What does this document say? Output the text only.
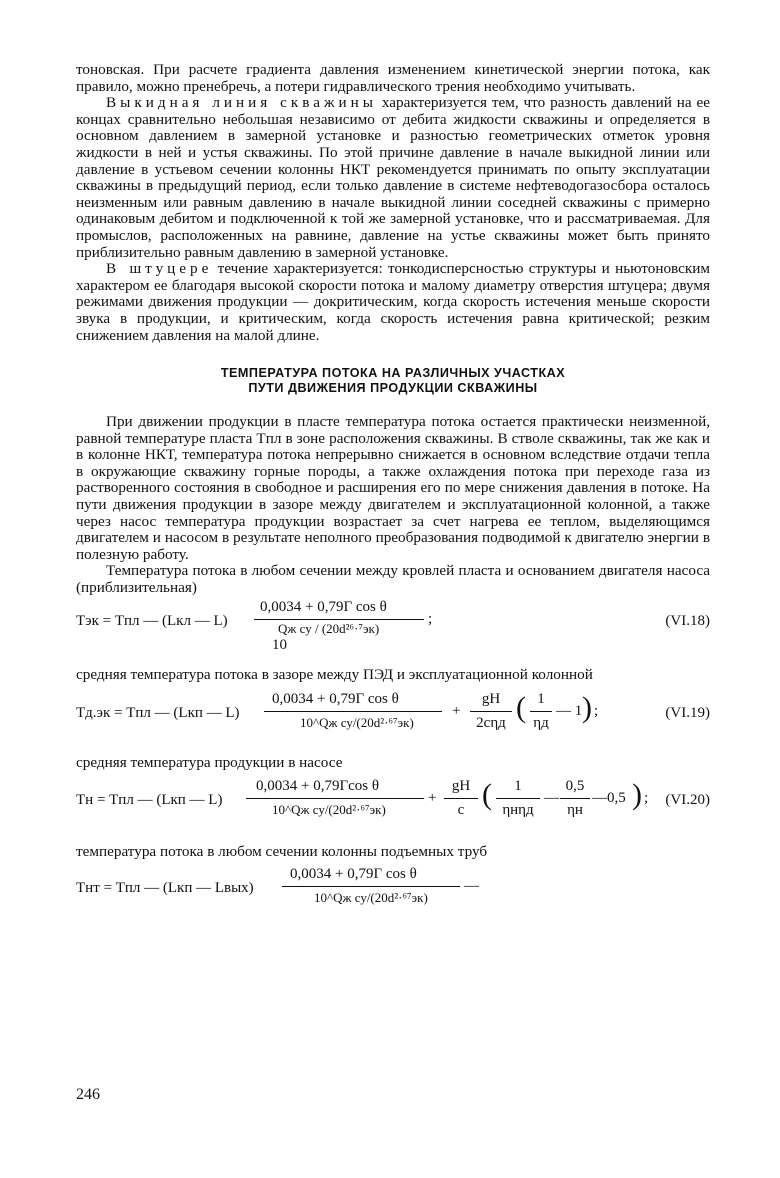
тоновская. При расчете градиента давления изменением кинетической энергии потока, как правило, можно пренебречь, а потери гидравлического трения необходимо учитывать.

Выкидная линия скважины характеризуется тем, что разность давлений на ее концах сравнительно небольшая независимо от дебита жидкости скважины и определяется в основном давлением в замерной установке и разностью геометрических отметок уровня жидкости в ней и устья скважины. По этой причине давление в начале выкидной линии или давление в устьевом сечении колонны НКТ рекомендуется принимать по опыту эксплуатации скважины в предыдущий период, если только давление в системе нефтеводогазосбора осталось неизменным или равным давлению в начале выкидной линии соседней скважины с примерно одинаковым дебитом и подключенной к той же замерной установке, что и рассматриваемая. Для промыслов, расположенных на равнине, давление на устье скважины может быть принято приблизительно равным давлению в замерной установке.

В штуцере течение характеризуется: тонкодисперсностью структуры и ньютоновским характером ее благодаря высокой скорости потока и малому диаметру отверстия штуцера; двумя режимами движения продукции — докритическим, когда скорость истечения меньше скорости звука в продукции, и критическим, когда скорость истечения равна критической; резким снижением давления на малой длине.

ТЕМПЕРАТУРА ПОТОКА НА РАЗЛИЧНЫХ УЧАСТКАХ
ПУТИ ДВИЖЕНИЯ ПРОДУКЦИИ СКВАЖИНЫ

При движении продукции в пласте температура потока остается практически неизменной, равной температуре пласта Tпл в зоне расположения скважины. В стволе скважины, так же как и в колонне НКТ, температура потока непрерывно снижается в основном вследствие отдачи тепла в окружающие скважину горные породы, а также охлаждения потока при переходе газа из растворенного состояния в свободное и расширения его по мере снижения давления в потоке. На пути движения продукции в зазоре между двигателем и эксплуатационной колонной, а также через насос температура продукции возрастает за счет нагрева ее теплом, выделяющимся двигателем и насосом в результате неполного преобразования подводимой к двигателю энергии в полезную работу.

Температура потока в любом сечении между кровлей пласта и основанием двигателя насоса (приблизительная)

Tэк = Tпл — (Lкл — L)
0,0034 + 0,79Г cos θ
Qж су / (20d²⁶·⁷эк)
10
;	(VI.18)

средняя температура потока в зазоре между ПЭД и эксплуатационной колонной

Tд.эк = Tпл — (Lкп — L)
0,0034 + 0,79Г cos θ
10^Qж су/(20d²·⁶⁷эк)
+
gH
2cηд ( 1
ηд
— 1 ) ;	(VI.19)

средняя температура продукции в насосе

Tн = Tпл — (Lкп — L)
0,0034 + 0,79Гcos θ
10^Qж су/(20d²·⁶⁷эк)
+
gH
c (	1
ηнηд
—
0,5
ηн
—0,5 ) ; (VI.20)

температура потока в любом сечении колонны подъемных труб

Tнт = Tпл — (Lкп — Lвых)
0,0034 + 0,79Г cos θ
10^Qж су/(20d²·⁶⁷эк)
—
246
